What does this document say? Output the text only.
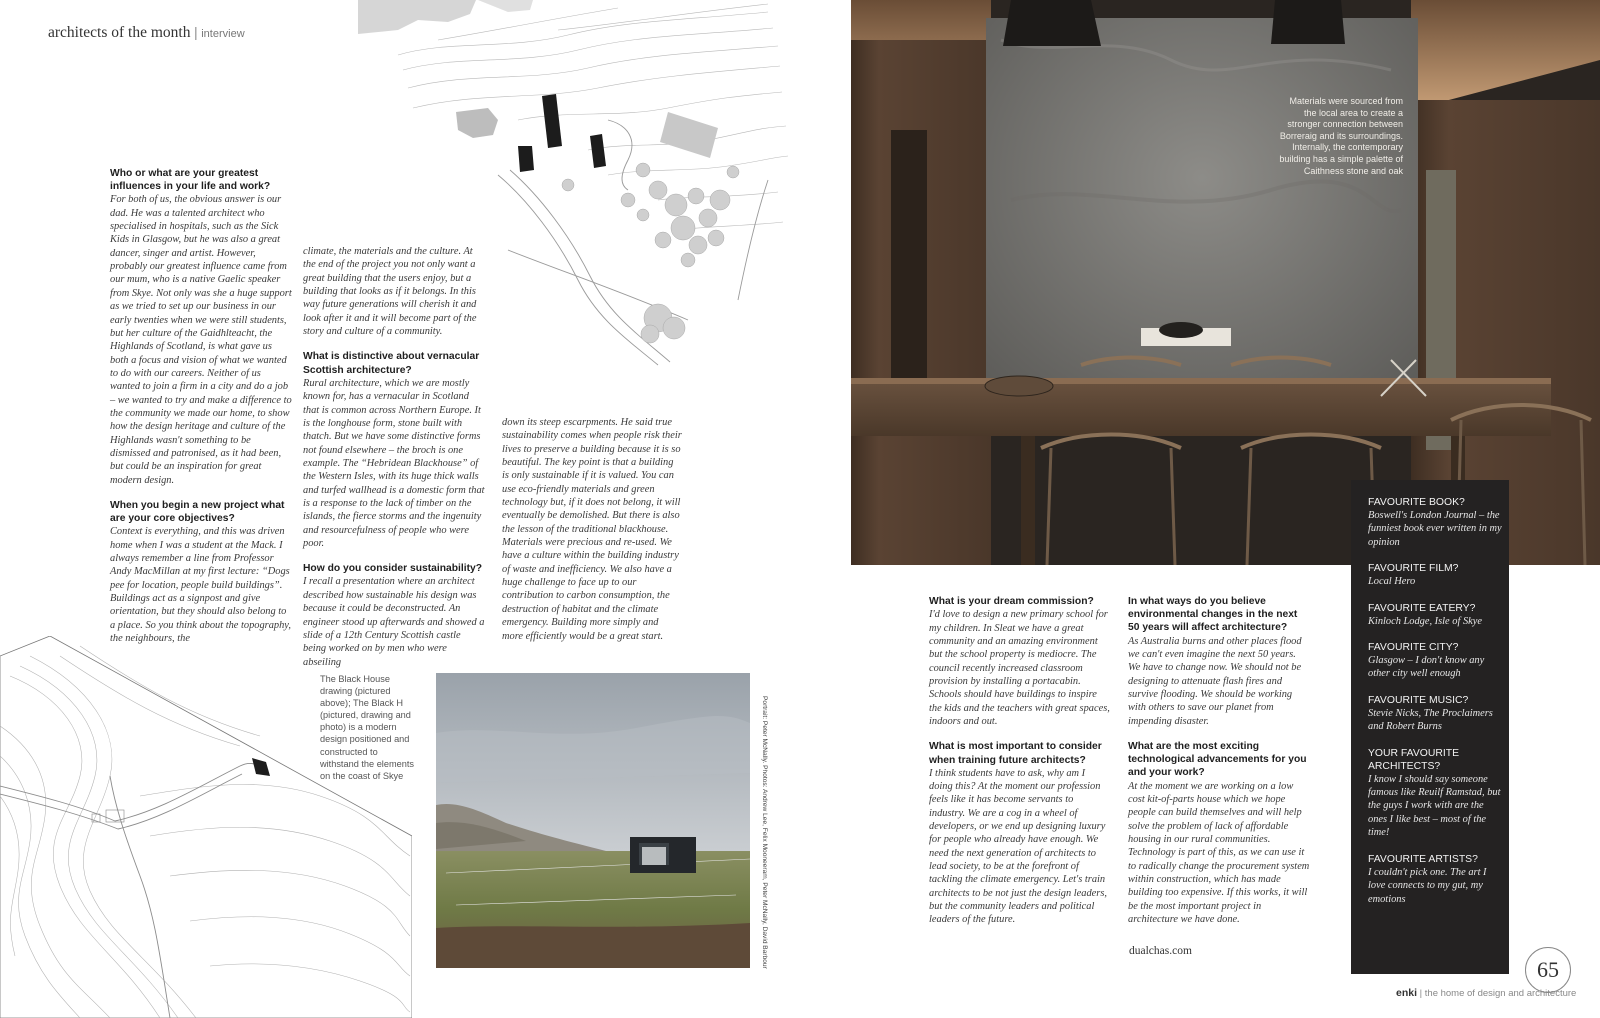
architects of the month | interview

Who or what are your greatest influences in your life and work?

For both of us, the obvious answer is our dad. He was a talented architect who specialised in hospitals, such as the Sick Kids in Glasgow, but he was also a great dancer, singer and artist. However, probably our greatest influence came from our mum, who is a native Gaelic speaker from Skye. Not only was she a huge support as we tried to set up our business in our early twenties when we were still students, but her culture of the Gaidhlteacht, the Highlands of Scotland, is what gave us both a focus and vision of what we wanted to do with our careers. Neither of us wanted to join a firm in a city and do a job – we wanted to try and make a difference to the community we made our home, to show how the design heritage and culture of the Highlands wasn't something to be dismissed and patronised, as it had been, but could be an inspiration for great modern design.

When you begin a new project what are your core objectives?

Context is everything, and this was driven home when I was a student at the Mack. I always remember a line from Professor Andy MacMillan at my first lecture: “Dogs pee for location, people build buildings”. Buildings act as a signpost and give orientation, but they should also belong to a place. So you think about the topography, the neighbours, the

climate, the materials and the culture. At the end of the project you not only want a great building that the users enjoy, but a building that looks as if it belongs. In this way future generations will cherish it and look after it and it will become part of the story and culture of a community.

What is distinctive about vernacular Scottish architecture?

Rural architecture, which we are mostly known for, has a vernacular in Scotland that is common across Northern Europe. It is the longhouse form, stone built with thatch. But we have some distinctive forms not found elsewhere – the broch is one example. The “Hebridean Blackhouse” of the Western Isles, with its huge thick walls and turfed wallhead is a domestic form that is a response to the lack of timber on the islands, the fierce storms and the ingenuity and resourcefulness of people who were poor.

How do you consider sustainability?

I recall a presentation where an architect described how sustainable his design was because it could be deconstructed. An engineer stood up afterwards and showed a slide of a 12th Century Scottish castle being worked on by men who were abseiling

down its steep escarpments. He said true sustainability comes when people risk their lives to preserve a building because it is so beautiful. The key point is that a building is only sustainable if it is valued. You can use eco-friendly materials and green technology but, if it does not belong, it will eventually be demolished. But there is also the lesson of the traditional blackhouse. Materials were precious and re-used. We have a culture within the building industry of waste and inefficiency. We also have a huge challenge to face up to our contribution to carbon consumption, the destruction of habitat and the climate emergency. Building more simply and more efficiently would be a great start.

The Black House drawing (pictured above); The Black H (pictured, drawing and photo) is a modern design positioned and constructed to withstand the elements on the coast of Skye	Portrait: Peter McNally. Photos: Andrew Lee, Felix Mooneeram, Peter McNally, David Barbour
Materials were sourced from the local area to create a stronger connection between Borreraig and its surroundings. Internally, the contemporary building has a simple palette of Caithness stone and oak

What is your dream commission?

I'd love to design a new primary school for my children. In Sleat we have a great community and an amazing environment but the school property is mediocre. The council recently increased classroom provision by installing a portacabin. Schools should have buildings to inspire the kids and the teachers with great spaces, indoors and out.

What is most important to consider when training future architects?

I think students have to ask, why am I doing this? At the moment our profession feels like it has become servants to industry. We are a cog in a wheel of developers, or we end up designing luxury for people who already have enough. We need the next generation of architects to lead society, to be at the forefront of tackling the climate emergency. Let's train architects to be not just the design leaders, but the community leaders and political leaders of the future.

In what ways do you believe environmental changes in the next 50 years will affect architecture?

As Australia burns and other places flood we can't even imagine the next 50 years. We have to change now. We should not be designing to attenuate flash fires and survive flooding. We should be working with others to save our planet from impending disaster.

What are the most exciting technological advancements for you and your work?

At the moment we are working on a low cost kit-of-parts house which we hope people can build themselves and will help solve the problem of lack of affordable housing in our rural communities. Technology is part of this, as we can use it to radically change the procurement system within construction, which has made building too expensive. If this works, it will be the most important project in architecture we have done.

dualchas.com

FAVOURITE BOOK?

Boswell's London Journal – the funniest book ever written in my opinion

FAVOURITE FILM?

Local Hero

FAVOURITE EATERY?

Kinloch Lodge, Isle of Skye

FAVOURITE CITY?

Glasgow – I don't know any other city well enough

FAVOURITE MUSIC?

Stevie Nicks, The Proclaimers and Robert Burns

YOUR FAVOURITE ARCHITECTS?

I know I should say someone famous like Reuilf Ramstad, but the guys I work with are the ones I like best – most of the time!

FAVOURITE ARTISTS?

I couldn't pick one. The art I love connects to my gut, my emotions

65
enki | the home of design and architecture
